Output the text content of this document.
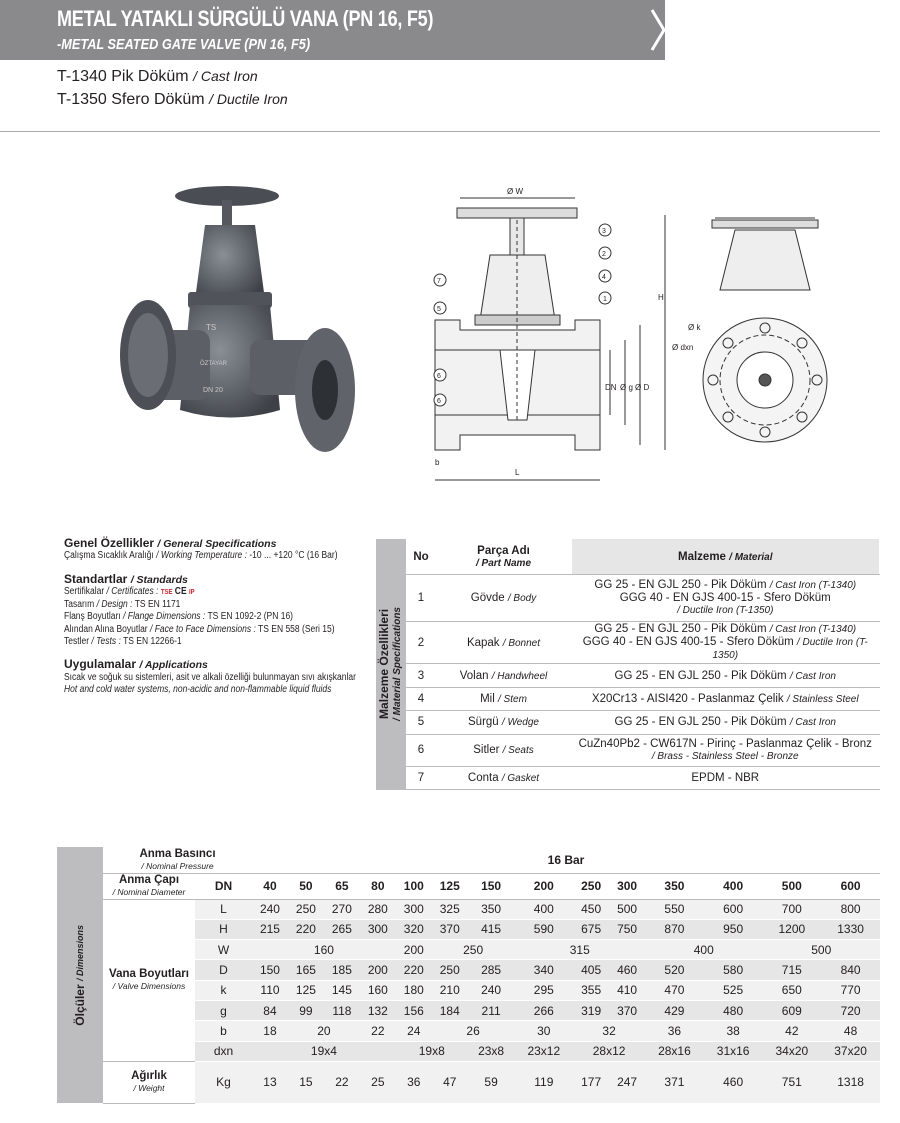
METAL YATAKLI SÜRGÜLÜ VANA (PN 16, F5)
-METAL SEATED GATE VALVE (PN 16, F5)
T-1340 Pik Döküm / Cast Iron
T-1350 Sfero Döküm / Ductile Iron
TS
ÖZTAYAR
DN 20
Ø W
H
DN Ø g Ø D
b
L
3
2
4
1
7
5
6
6
Ø k
Ø dxn
Genel Özellikler / General Specifications
Çalışma Sıcaklık Aralığı / Working Temperature : -10 ... +120 °C (16 Bar)
Standartlar / Standards
Sertifikalar / Certificates : TSE CE IP
Tasarım / Design : TS EN 1171
Flanş Boyutları / Flange Dimensions : TS EN 1092-2 (PN 16)
Alından Alına Boyutlar / Face to Face Dimensions : TS EN 558 (Seri 15)
Testler / Tests : TS EN 12266-1
Uygulamalar / Applications
Sıcak ve soğuk su sistemleri, asit ve alkali özelliği bulunmayan sıvı akışkanlar
Hot and cold water systems, non-acidic and non-flammable liquid fluids	Malzeme Özellikleri
/ Material Specifications	No	Parça Adı
/ Part Name	Malzeme / Material
	1	Gövde / Body	GG 25 - EN GJL 250 - Pik Döküm / Cast Iron (T-1340)
GGG 40 - EN GJS 400-15 - Sfero Döküm
/ Ductile Iron (T-1350)
	2	Kapak / Bonnet	GG 25 - EN GJL 250 - Pik Döküm / Cast Iron (T-1340)
GGG 40 - EN GJS 400-15 - Sfero Döküm / Ductile Iron (T-1350)
	3	Volan / Handwheel	GG 25 - EN GJL 250 - Pik Döküm / Cast Iron
	4	Mil / Stem	X20Cr13 - AISI420 - Paslanmaz Çelik / Stainless Steel
	5	Sürgü / Wedge	GG 25 - EN GJL 250 - Pik Döküm / Cast Iron
	6	Sitler / Seats	CuZn40Pb2 - CW617N - Pirinç - Paslanmaz Çelik - Bronz
/ Brass - Stainless Steel - Bronze
	7	Conta / Gasket	EPDM - NBR
Ölçüler / Dimensions	Anma Basıncı
/ Nominal Pressure		16 Bar													
	Anma Çapı
/ Nominal Diameter	DN	40	50	65	80	100	125	150	200	250	300	350	400	500	600
	Vana Boyutları
/ Valve Dimensions	L	240	250	270	280	300	325	350	400	450	500	550	600	700	800
		H	215	220	265	300	320	370	415	590	675	750	870	950	1200	1330
		W	160				200	250		315			400		500	
		D	150	165	185	200	220	250	285	340	405	460	520	580	715	840
		k	110	125	145	160	180	210	240	295	355	410	470	525	650	770
		g	84	99	118	132	156	184	211	266	319	370	429	480	609	720
		b	18	20		22	24	26		30	32		36	38	42	48
		dxn	19x4				19x8		23x8	23x12	28x12		28x16	31x16	34x20	37x20
	Ağırlık
/ Weight	Kg	13	15	22	25	36	47	59	119	177	247	371	460	751	1318
